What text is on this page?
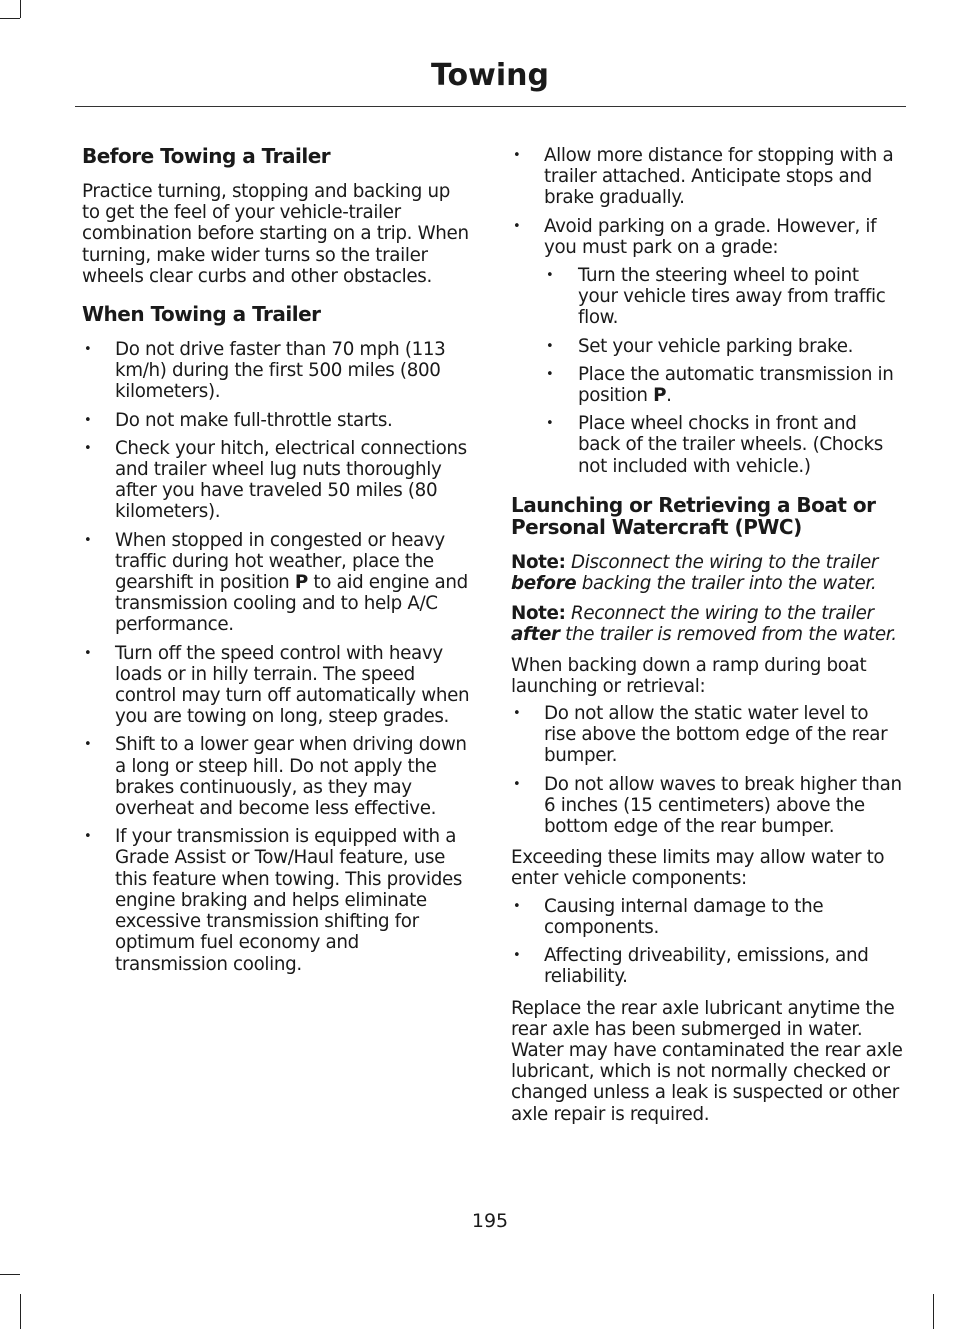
Towing
Before Towing a Trailer

Practice turning, stopping and backing up to get the feel of your vehicle-trailer combination before starting on a trip. When turning, make wider turns so the trailer wheels clear curbs and other obstacles.

When Towing a Trailer
• Do not drive faster than 70 mph (113 km/h) during the first 500 miles (800 kilometers).
• Do not make full-throttle starts.
• Check your hitch, electrical connections and trailer wheel lug nuts thoroughly after you have traveled 50 miles (80 kilometers).
• When stopped in congested or heavy traffic during hot weather, place the gearshift in position P to aid engine and transmission cooling and to help A/C performance.
• Turn off the speed control with heavy loads or in hilly terrain. The speed control may turn off automatically when you are towing on long, steep grades.
• Shift to a lower gear when driving down a long or steep hill. Do not apply the brakes continuously, as they may overheat and become less effective.
• If your transmission is equipped with a Grade Assist or Tow/Haul feature, use this feature when towing. This provides engine braking and helps eliminate excessive transmission shifting for optimum fuel economy and transmission cooling.
• Allow more distance for stopping with a trailer attached. Anticipate stops and brake gradually.
• Avoid parking on a grade. However, if you must park on a grade:
• Turn the steering wheel to point your vehicle tires away from traffic flow.
• Set your vehicle parking brake.
• Place the automatic transmission in position P.
• Place wheel chocks in front and back of the trailer wheels. (Chocks not included with vehicle.)
Launching or Retrieving a Boat or Personal Watercraft (PWC)

Note: Disconnect the wiring to the trailer before backing the trailer into the water.

Note: Reconnect the wiring to the trailer after the trailer is removed from the water.

When backing down a ramp during boat launching or retrieval:

• Do not allow the static water level to rise above the bottom edge of the rear bumper.
• Do not allow waves to break higher than 6 inches (15 centimeters) above the bottom edge of the rear bumper.

Exceeding these limits may allow water to enter vehicle components:

• Causing internal damage to the components.
• Affecting driveability, emissions, and reliability.

Replace the rear axle lubricant anytime the rear axle has been submerged in water. Water may have contaminated the rear axle lubricant, which is not normally checked or changed unless a leak is suspected or other axle repair is required.

195
